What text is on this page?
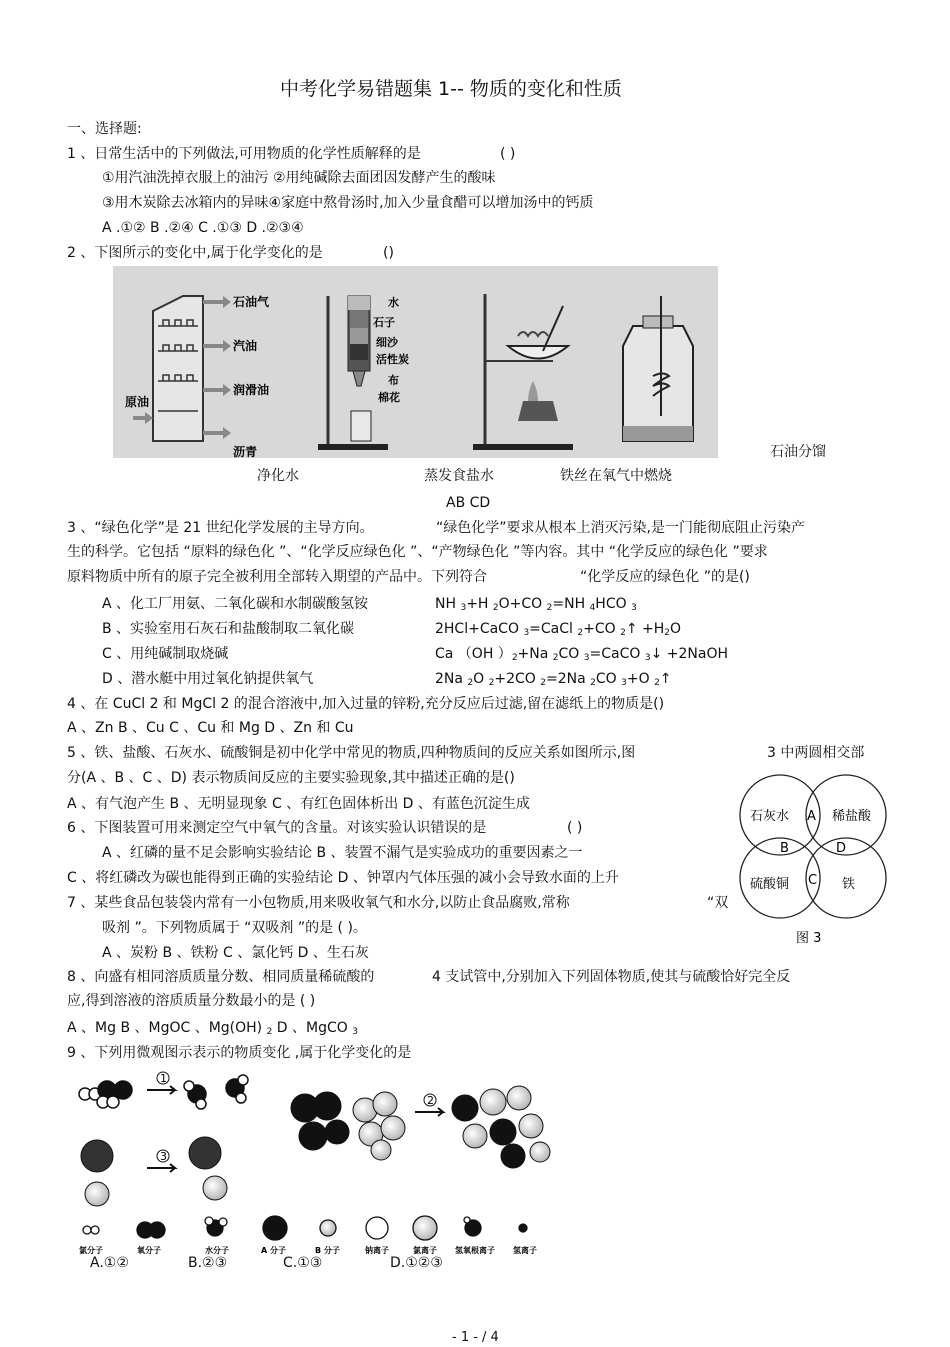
中考化学易错题集 1-- 物质的变化和性质
一、选择题:
1 、日常生活中的下列做法,可用物质的化学性质解释的是	( )
①用汽油洗掉衣服上的油污 ②用纯碱除去面团因发酵产生的酸味
③用木炭除去冰箱内的异味④家庭中熬骨汤时,加入少量食醋可以增加汤中的钙质
A .①② B .②④ C .①③ D .②③④
2 、下图所示的变化中,属于化学变化的是	()
石油气
汽油
润滑油
沥青
原油
水
石子
细沙
活性炭
布
棉花
石油分馏
净化水	蒸发食盐水	铁丝在氧气中燃烧
AB CD
3 、“绿色化学”是 21 世纪化学发展的主导方向。	“绿色化学”要求从根本上消灭污染,是一门能彻底阻止污染产
生的科学。它包括 “原料的绿色化 ”、“化学反应绿色化 ”、“产物绿色化 ”等内容。其中 “化学反应的绿色化 ”要求
原料物质中所有的原子完全被利用全部转入期望的产品中。下列符合	“化学反应的绿色化 ”的是()
A 、化工厂用氨、二氧化碳和水制碳酸氢铵	NH $_3$+H $_2$O+CO $_2$=NH $_4$HCO $_3$
B 、实验室用石灰石和盐酸制取二氧化碳	2HCl+CaCO $_3$=CaCl $_2$+CO $_2$↑ $+H_2O$
C 、用纯碱制取烧碱	Ca （OH ）$_2+Na$ $_2$CO $_3$=CaCO $_3$↓ +2NaOH
D 、潜水艇中用过氧化钠提供氧气	2Na $_2$O $_2$+2CO $_2$=2Na $_2$CO $_3$+O $_2$↑
4 、在 CuCl 2 和 MgCl 2 的混合溶液中,加入过量的锌粉,充分反应后过滤,留在滤纸上的物质是()
A 、Zn B 、Cu C 、Cu 和 Mg D 、Zn 和 Cu
5 、铁、盐酸、石灰水、硫酸铜是初中化学中常见的物质,四种物质间的反应关系如图所示,图	3 中两圆相交部
分(A 、B 、C 、D) 表示物质间反应的主要实验现象,其中描述正确的是()
A 、有气泡产生 B 、无明显现象 C 、有红色固体析出 D 、有蓝色沉淀生成
石灰水	稀盐酸
硫酸铜	铁
A
B
C
D
图 3
6 、下图装置可用来测定空气中氧气的含量。对该实验认识错误的是	( )
A 、红磷的量不足会影响实验结论 B 、装置不漏气是实验成功的重要因素之一
C 、将红磷改为碳也能得到正确的实验结论 D 、钟罩内气体压强的减小会导致水面的上升
7 、某些食品包装袋内常有一小包物质,用来吸收氧气和水分,以防止食品腐败,常称	“双
吸剂 ”。下列物质属于 “双吸剂 ”的是 ( )。
A 、炭粉 B 、铁粉 C 、氯化钙 D 、生石灰
8 、向盛有相同溶质质量分数、相同质量稀硫酸的	4 支试管中,分别加入下列固体物质,使其与硫酸恰好完全反
应,得到溶液的溶质质量分数最小的是 ( )
A 、Mg B 、MgOC 、Mg(OH) $_2$ D 、MgCO $_3$
9 、下列用微观图示表示的物质变化 ,属于化学变化的是
1
3
2
氯分子	氧分子	水分子	A 分子	B 分子	钠离子	氯离子 氢氧根离子 氢离子
A.①②	B.②③	C.①③	D.①②③
- 1 - / 4
